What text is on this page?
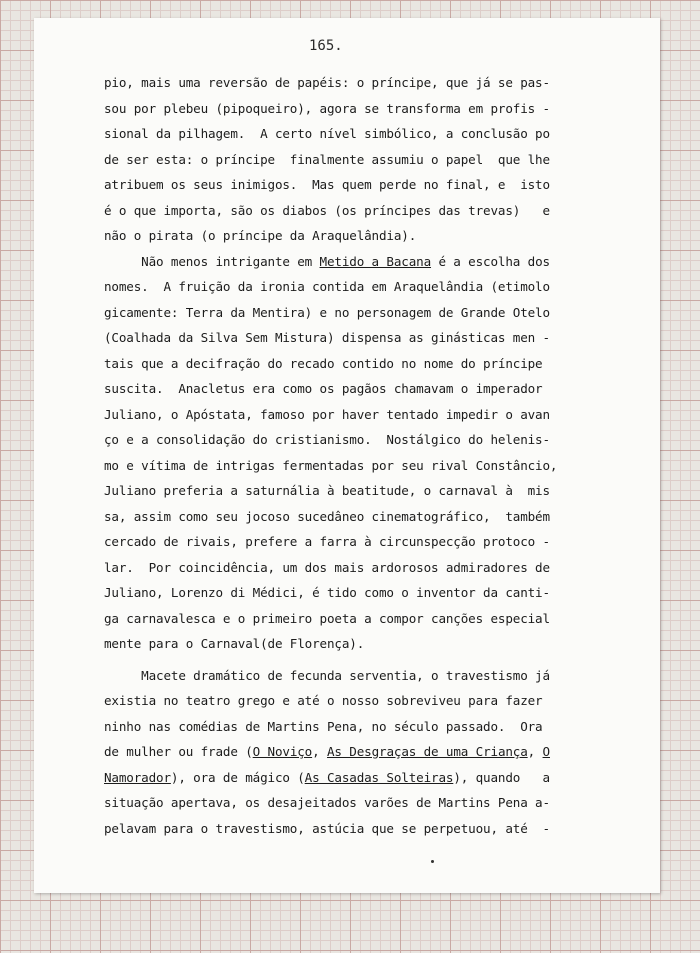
165.
pio, mais uma reversão de papéis: o príncipe, que já se pas-
sou por plebeu (pipoqueiro), agora se transforma em profis -
sional da pilhagem.  A certo nível simbólico, a conclusão po
de ser esta: o príncipe  finalmente assumiu o papel  que lhe
atribuem os seus inimigos.  Mas quem perde no final, e  isto
é o que importa, são os diabos (os príncipes das trevas)   e
não o pirata (o príncipe da Araquelândia).
Não menos intrigante em Metido a Bacana é a escolha dos
nomes.  A fruição da ironia contida em Araquelândia (etimolo
gicamente: Terra da Mentira) e no personagem de Grande Otelo
(Coalhada da Silva Sem Mistura) dispensa as ginásticas men -
tais que a decifração do recado contido no nome do príncipe
suscita.  Anacletus era como os pagãos chamavam o imperador
Juliano, o Apóstata, famoso por haver tentado impedir o avan
ço e a consolidação do cristianismo.  Nostálgico do helenis-
mo e vítima de intrigas fermentadas por seu rival Constâncio,
Juliano preferia a saturnália à beatitude, o carnaval à  mis
sa, assim como seu jocoso sucedâneo cinematográfico,  também
cercado de rivais, prefere a farra à circunspecção protoco -
lar.  Por coincidência, um dos mais ardorosos admiradores de
Juliano, Lorenzo di Médici, é tido como o inventor da canti-
ga carnavalesca e o primeiro poeta a compor canções especial
mente para o Carnaval(de Florença).
Macete dramático de fecunda serventia, o travestismo já
existia no teatro grego e até o nosso sobreviveu para fazer
ninho nas comédias de Martins Pena, no século passado.  Ora
de mulher ou frade (O Noviço, As Desgraças de uma Criança, O
Namorador), ora de mágico (As Casadas Solteiras), quando   a
situação apertava, os desajeitados varões de Martins Pena a-
pelavam para o travestismo, astúcia que se perpetuou, até  -
